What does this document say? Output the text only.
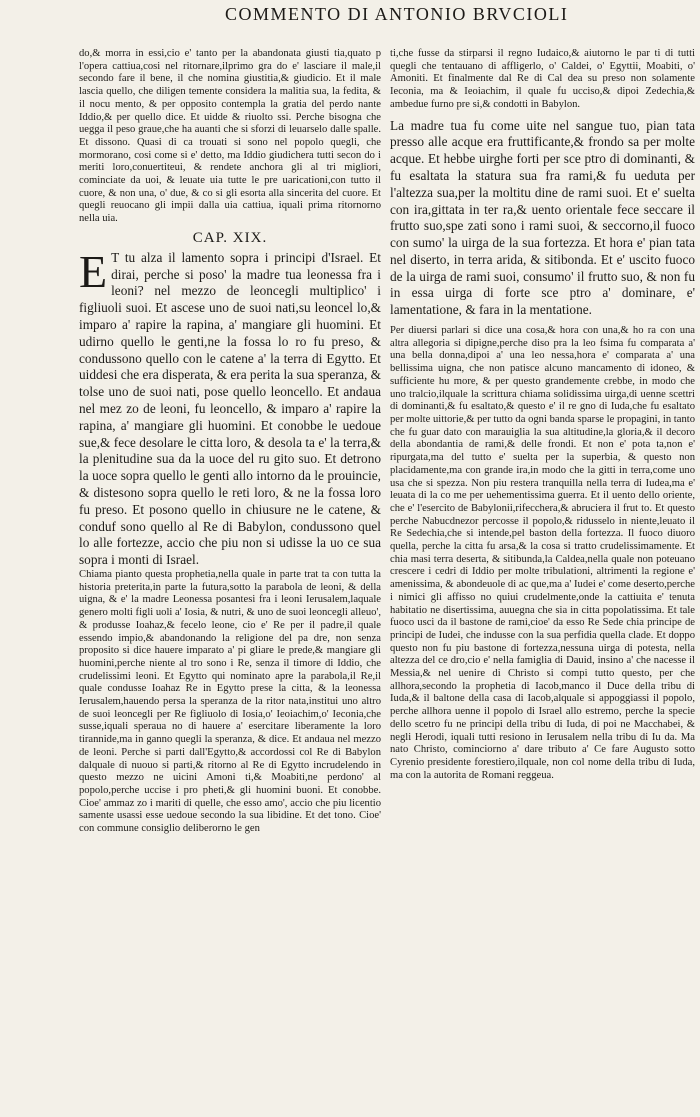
COMMENTO DI ANTONIO BRVCIOLI

do,& morra in essi,cio e' tanto per la abandonata giusti tia,quato p l'opera cattiua,cosi nel ritornare,ilprimo gra do e' lasciare il male,il secondo fare il bene, il che nomina giustitia,& giudicio. Et il male lascia quello, che diligen temente considera la malitia sua, la fedita, & il nocu mento, & per opposito contempla la gratia del perdo nante Iddio,& per quello dice. Et uidde & riuolto ssi. Perche bisogna che uegga il peso graue,che ha auanti che si sforzi di leuarselo dalle spalle. Et dissono. Quasi di ca trouati si sono nel popolo quegli, che mormorano, cosi come si e' detto, ma Iddio giudichera tutti secon do i meriti loro,conuertiteui, & rendete anchora gli al tri migliori, cominciate da uoi, & leuate uia tutte le pre uaricationi,con tutto il cuore, & non una, o' due, & co si gli esorta alla sincerita del cuore. Et quegli reuocano gli impii dalla uia cattiua, iquali prima ritornorno nella uia.

CAP. XIX.

E T tu alza il lamento sopra i principi d'Israel. Et dirai, perche si poso' la madre tua leonessa fra i leoni? nel mezzo de leoncegli multiplico' i figliuoli suoi. Et ascese uno de suoi nati,su leoncel lo,& imparo a' rapire la rapina, a' mangiare gli huomini. Et udirno quello le genti,ne la fossa lo ro fu preso, & condussono quello con le catene a' la terra di Egytto. Et uiddesi che era disperata, & era perita la sua speranza, & tolse uno de suoi nati, pose quello leoncello. Et andaua nel mez zo de leoni, fu leoncello, & imparo a' rapire la rapina, a' mangiare gli huomini. Et conobbe le uedoue sue,& fece desolare le citta loro, & desola ta e' la terra,& la plenitudine sua da la uoce del ru gito suo. Et detrono la uoce sopra quello le genti allo intorno da le prouincie, & distesono sopra quello le reti loro, & ne la fossa loro fu preso. Et posono quello in chiusure ne le catene, & conduf sono quello al Re di Babylon, condussono quel lo alle fortezze, accio che piu non si udisse la uo ce sua sopra i monti di Israel.

Chiama pianto questa prophetia,nella quale in parte trat ta con tutta la historia preterita,in parte la futura,sotto la parabola de leoni, & della uigna, & e' la madre Leonessa posantesi fra i leoni Ierusalem,laquale genero molti figli uoli a' Iosia, & nutri, & uno de suoi leoncegli alleuo', & produsse Ioahaz,& fecelo leone, cio e' Re per il padre,il quale essendo impio,& abandonando la religione del pa dre, non senza proposito si dice hauere imparato a' pi gliare le prede,& mangiare gli huomini,perche niente al tro sono i Re, senza il timore di Iddio, che crudelissimi leoni. Et Egytto qui nominato apre la parabola,il Re,il quale condusse Ioahaz Re in Egytto prese la citta, & la leonessa Ierusalem,hauendo persa la speranza de la ritor nata,institui uno altro de suoi leoncegli per Re figliuolo di Iosia,o' Ieoiachim,o' Ieconia,che susse,iquali speraua no di hauere a' esercitare liberamente la loro tirannide,ma in ganno quegli la speranza, & dice. Et andaua nel mezzo de leoni. Perche si parti dall'Egytto,& accordossi col Re di Babylon dalquale di nuouo si parti,& ritorno al Re di Egytto incrudelendo in questo mezzo ne uicini Amoni ti,& Moabiti,ne perdono' al popolo,perche uccise i pro pheti,& gli huomini buoni. Et conobbe. Cioe' ammaz zo i mariti di quelle, che esso amo', accio che piu licentio samente usassi esse uedoue secondo la sua libidine. Et det tono. Cioe' con commune consiglio deliberorno le gen

ti,che fusse da stirparsi il regno Iudaico,& aiutorno le par ti di tutti quegli che tentauano di affligerlo, o' Caldei, o' Egyttii, Moabiti, o' Amoniti. Et finalmente dal Re di Cal dea su preso non solamente Ieconia, ma & Ieoiachim, il quale fu ucciso,& dipoi Zedechia,& ambedue furno pre si,& condotti in Babylon.

La madre tua fu come uite nel sangue tuo, pian tata presso alle acque era fruttificante,& frondo sa per molte acque. Et hebbe uirghe forti per sce ptro di dominanti, & fu esaltata la statura sua fra rami,& fu ueduta per l'altezza sua,per la moltitu dine de rami suoi. Et e' suelta con ira,gittata in ter ra,& uento orientale fece seccare il frutto suo,spe zati sono i rami suoi, & seccorno,il fuoco con sumo' la uirga de la sua fortezza. Et hora e' pian tata nel diserto, in terra arida, & sitibonda. Et e' uscito fuoco de la uirga de rami suoi, consumo' il frutto suo, & non fu in essa uirga di forte sce ptro a' dominare, e' lamentatione, & fara in la mentatione.

Per diuersi parlari si dice una cosa,& hora con una,& ho ra con una altra allegoria si dipigne,perche diso pra la leo fsima fu comparata a' una bella donna,dipoi a' una leo nessa,hora e' comparata a' una bellissima uigna, che non patisce alcuno mancamento di idoneo, & sufficiente hu more, & per questo grandemente crebbe, in modo che uno tralcio,ilquale la scrittura chiama solidissima uirga,di uenne scettri di dominanti,& fu esaltato,& questo e' il re gno di Iuda,che fu esaltato per molte uittorie,& per tutto da ogni banda sparse le propagini, in tanto che fu guar dato con marauiglia la sua altitudine,la gloria,& il decoro della abondantia de rami,& delle frondi. Et non e' pota ta,non e' ripurgata,ma del tutto e' suelta per la superbia, & questo non placidamente,ma con grande ira,in modo che la gitti in terra,come uno usa che si spezza. Non piu restera tranquilla nella terra di Iudea,ma e' leuata di la co me per uehementissima guerra. Et il uento dello oriente, che e' l'esercito de Babylonii,rifecchera,& abruciera il frut to. Et questo perche Nabucdnezor percosse il popolo,& ridusselo in niente,leuato il Re Sedechia,che si intende,pel baston della fortezza. Il fuoco diuoro quella, perche la citta fu arsa,& la cosa si tratto crudelissimamente. Et chia masi terra deserta, & sitibunda,la Caldea,nella quale non poteuano crescere i cedri di Iddio per molte tribulationi, altrimenti la regione e' amenissima, & abondeuole di ac que,ma a' Iudei e' come deserto,perche i nimici gli affisso no quiui crudelmente,onde la cattiuita e' tenuta habitatio ne disertissima, auuegna che sia in citta popolatissima. Et tale fuoco usci da il bastone de rami,cioe' da esso Re Sede chia principe de principi de Iudei, che indusse con la sua perfidia quella clade. Et doppo questo non fu piu bastone di fortezza,nessuna uirga di potesta, nella altezza del ce dro,cio e' nella famiglia di Dauid, insino a' che nacesse il Messia,& nel uenire di Christo si compi tutto questo, per che allhora,secondo la prophetia di Iacob,manco il Duce della tribu di Iuda,& il baltone della casa di Iacob,alquale si appoggiassi il popolo, perche allhora uenne il popolo di Israel allo estremo, perche la specie dello scetro fu ne principi della tribu di Iuda, di poi ne Macchabei, & negli Herodi, iquali tutti resiono in Ierusalem nella tribu di Iu da. Ma nato Christo, cominciorno a' dare tributo a' Ce fare Augusto sotto Cyrenio presidente forestiero,ilquale, non col nome della tribu di Iuda, ma con la autorita de Romani reggeua.
